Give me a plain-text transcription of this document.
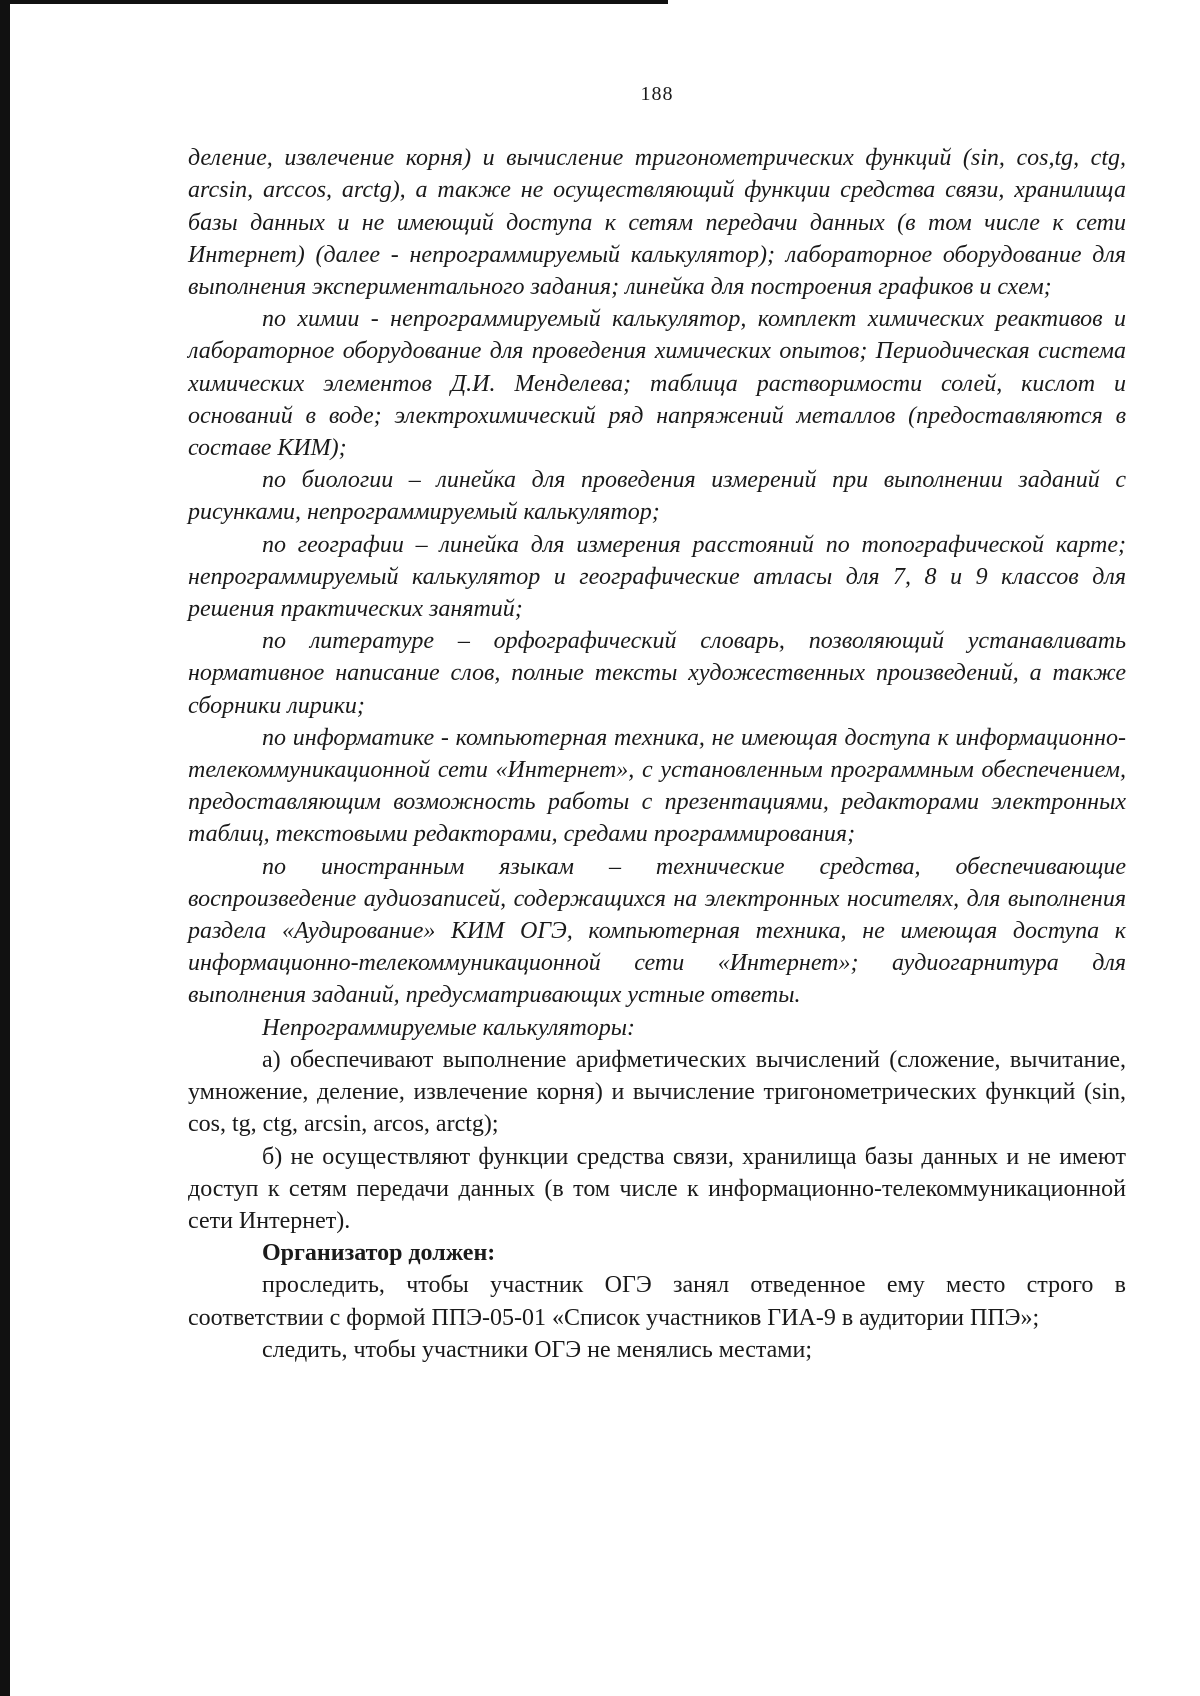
188

деление, извлечение корня) и вычисление тригонометрических функций (sin, cos,tg, ctg, arcsin, arccos, arctg), а также не осуществляющий функции средства связи, хранилища базы данных и не имеющий доступа к сетям передачи данных (в том числе к сети Интернет) (далее - непрограммируемый калькулятор); лабораторное оборудование для выполнения экспериментального задания; линейка для построения графиков и схем;

по химии - непрограммируемый калькулятор, комплект химических реактивов и лабораторное оборудование для проведения химических опытов; Периодическая система химических элементов Д.И. Менделева; таблица растворимости солей, кислот и оснований в воде; электрохимический ряд напряжений металлов (предоставляются в составе КИМ);

по биологии – линейка для проведения измерений при выполнении заданий с рисунками, непрограммируемый калькулятор;

по географии – линейка для измерения расстояний по топографической карте; непрограммируемый калькулятор и географические атласы для 7, 8 и 9 классов для решения практических занятий;

по литературе – орфографический словарь, позволяющий устанавливать нормативное написание слов, полные тексты художественных произведений, а также сборники лирики;

по информатике - компьютерная техника, не имеющая доступа к информационно-телекоммуникационной сети «Интернет», с установленным программным обеспечением, предоставляющим возможность работы с презентациями, редакторами электронных таблиц, текстовыми редакторами, средами программирования;

по иностранным языкам – технические средства, обеспечивающие воспроизведение аудиозаписей, содержащихся на электронных носителях, для выполнения раздела «Аудирование» КИМ ОГЭ, компьютерная техника, не имеющая доступа к информационно-телекоммуникационной сети «Интернет»; аудиогарнитура для выполнения заданий, предусматривающих устные ответы.

Непрограммируемые калькуляторы:

а) обеспечивают выполнение арифметических вычислений (сложение, вычитание, умножение, деление, извлечение корня) и вычисление тригонометрических функций (sin, cos, tg, ctg, arcsin, arcos, arctg);

б) не осуществляют функции средства связи, хранилища базы данных и не имеют доступ к сетям передачи данных (в том числе к информационно-телекоммуникационной сети Интернет).

Организатор должен:

проследить, чтобы участник ОГЭ занял отведенное ему место строго в соответствии с формой ППЭ-05-01 «Список участников ГИА-9 в аудитории ППЭ»;

следить, чтобы участники ОГЭ не менялись местами;
